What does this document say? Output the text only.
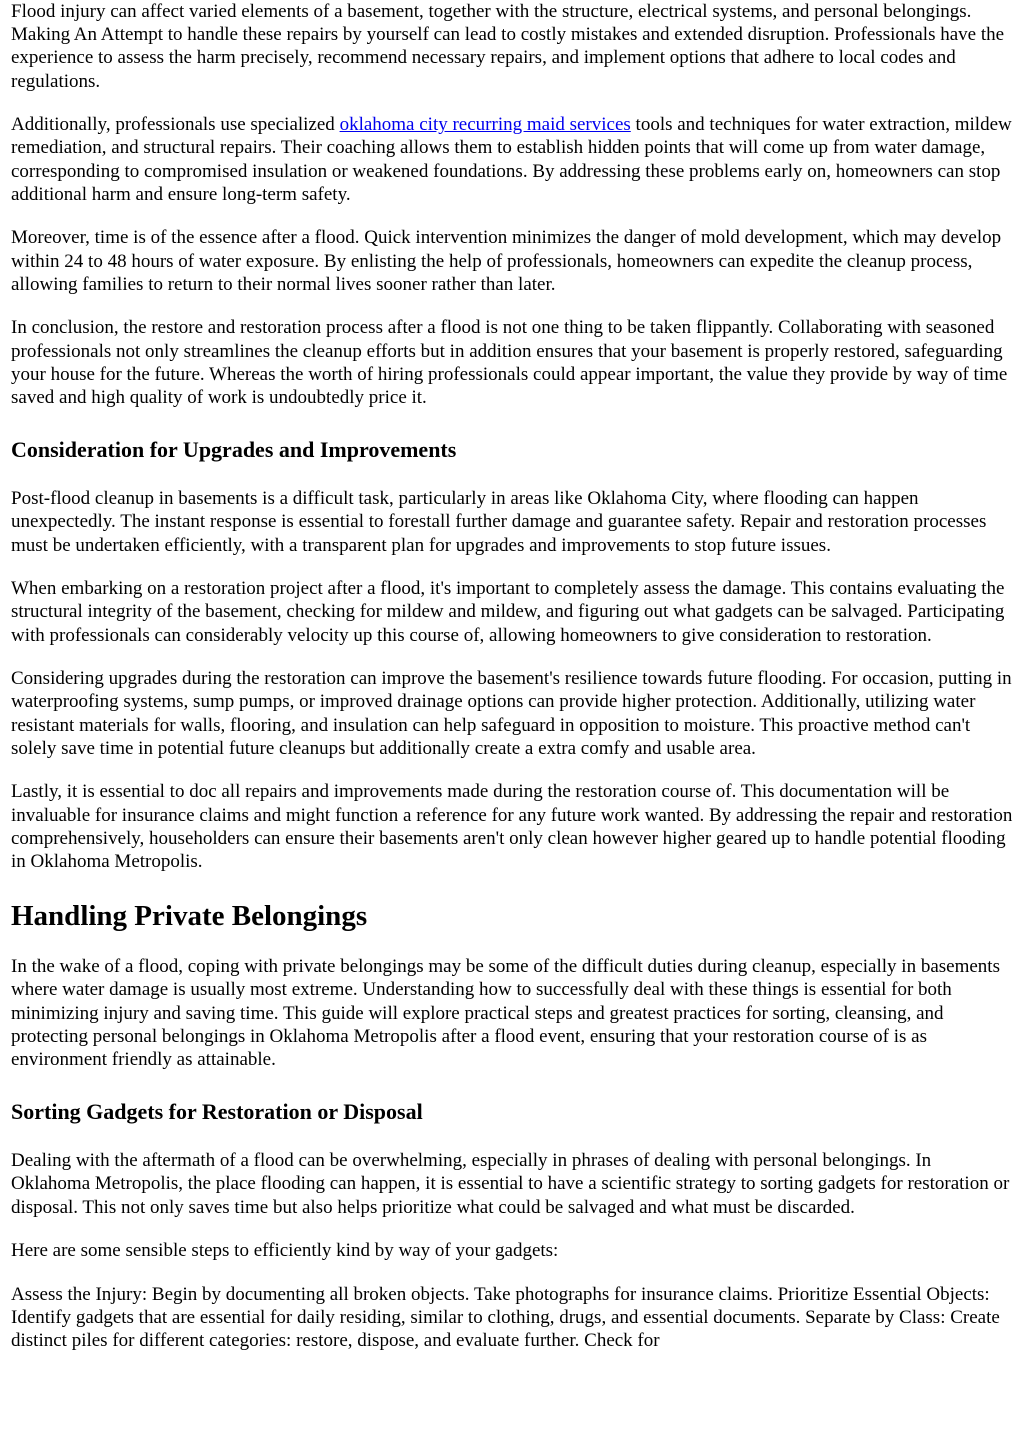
Flood injury can affect varied elements of a basement, together with the structure, electrical systems, and personal belongings. Making An Attempt to handle these repairs by yourself can lead to costly mistakes and extended disruption. Professionals have the experience to assess the harm precisely, recommend necessary repairs, and implement options that adhere to local codes and regulations.

Additionally, professionals use specialized oklahoma city recurring maid services tools and techniques for water extraction, mildew remediation, and structural repairs. Their coaching allows them to establish hidden points that will come up from water damage, corresponding to compromised insulation or weakened foundations. By addressing these problems early on, homeowners can stop additional harm and ensure long-term safety.

Moreover, time is of the essence after a flood. Quick intervention minimizes the danger of mold development, which may develop within 24 to 48 hours of water exposure. By enlisting the help of professionals, homeowners can expedite the cleanup process, allowing families to return to their normal lives sooner rather than later.

In conclusion, the restore and restoration process after a flood is not one thing to be taken flippantly. Collaborating with seasoned professionals not only streamlines the cleanup efforts but in addition ensures that your basement is properly restored, safeguarding your house for the future. Whereas the worth of hiring professionals could appear important, the value they provide by way of time saved and high quality of work is undoubtedly price it.

Consideration for Upgrades and Improvements

Post-flood cleanup in basements is a difficult task, particularly in areas like Oklahoma City, where flooding can happen unexpectedly. The instant response is essential to forestall further damage and guarantee safety. Repair and restoration processes must be undertaken efficiently, with a transparent plan for upgrades and improvements to stop future issues.

When embarking on a restoration project after a flood, it's important to completely assess the damage. This contains evaluating the structural integrity of the basement, checking for mildew and mildew, and figuring out what gadgets can be salvaged. Participating with professionals can considerably velocity up this course of, allowing homeowners to give consideration to restoration.

Considering upgrades during the restoration can improve the basement's resilience towards future flooding. For occasion, putting in waterproofing systems, sump pumps, or improved drainage options can provide higher protection. Additionally, utilizing water resistant materials for walls, flooring, and insulation can help safeguard in opposition to moisture. This proactive method can't solely save time in potential future cleanups but additionally create a extra comfy and usable area.

Lastly, it is essential to doc all repairs and improvements made during the restoration course of. This documentation will be invaluable for insurance claims and might function a reference for any future work wanted. By addressing the repair and restoration comprehensively, householders can ensure their basements aren't only clean however higher geared up to handle potential flooding in Oklahoma Metropolis.

Handling Private Belongings

In the wake of a flood, coping with private belongings may be some of the difficult duties during cleanup, especially in basements where water damage is usually most extreme. Understanding how to successfully deal with these things is essential for both minimizing injury and saving time. This guide will explore practical steps and greatest practices for sorting, cleansing, and protecting personal belongings in Oklahoma Metropolis after a flood event, ensuring that your restoration course of is as environment friendly as attainable.

Sorting Gadgets for Restoration or Disposal

Dealing with the aftermath of a flood can be overwhelming, especially in phrases of dealing with personal belongings. In Oklahoma Metropolis, the place flooding can happen, it is essential to have a scientific strategy to sorting gadgets for restoration or disposal. This not only saves time but also helps prioritize what could be salvaged and what must be discarded.

Here are some sensible steps to efficiently kind by way of your gadgets:

Assess the Injury: Begin by documenting all broken objects. Take photographs for insurance claims. Prioritize Essential Objects: Identify gadgets that are essential for daily residing, similar to clothing, drugs, and essential documents. Separate by Class: Create distinct piles for different categories: restore, dispose, and evaluate further. Check for
